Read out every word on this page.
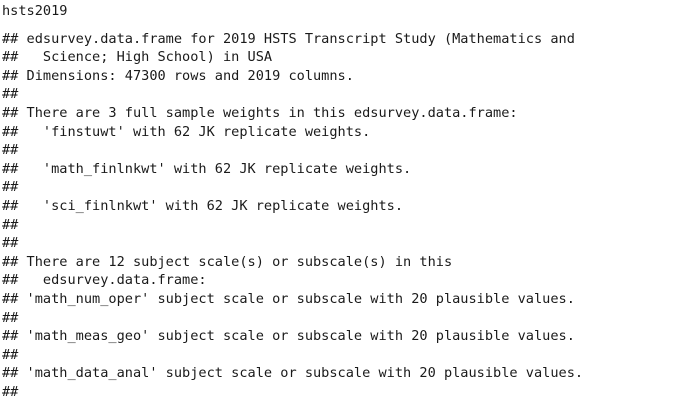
hsts2019
## edsurvey.data.frame for 2019 HSTS Transcript Study (Mathematics and
##   Science; High School) in USA
## Dimensions: 47300 rows and 2019 columns.
##
## There are 3 full sample weights in this edsurvey.data.frame:
##   'finstuwt' with 62 JK replicate weights.
##
##   'math_finlnkwt' with 62 JK replicate weights.
##
##   'sci_finlnkwt' with 62 JK replicate weights.
##
##
## There are 12 subject scale(s) or subscale(s) in this
##   edsurvey.data.frame:
## 'math_num_oper' subject scale or subscale with 20 plausible values.
##
## 'math_meas_geo' subject scale or subscale with 20 plausible values.
##
## 'math_data_anal' subject scale or subscale with 20 plausible values.
##
